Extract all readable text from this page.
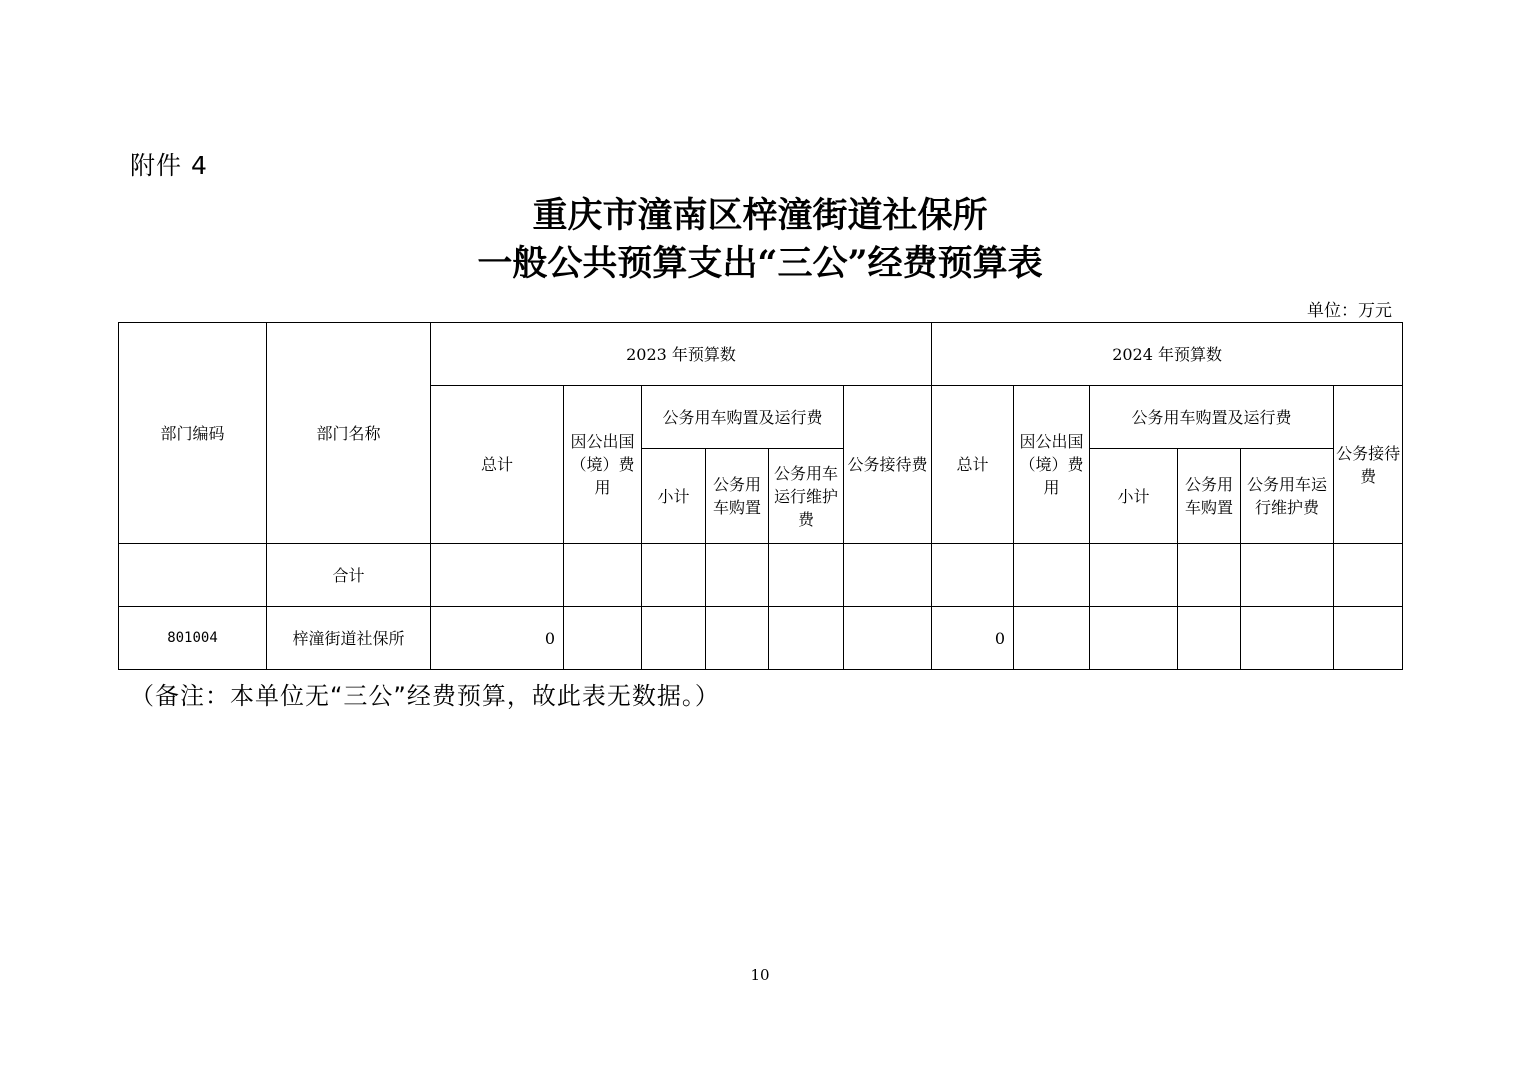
附件 4
重庆市潼南区梓潼街道社保所
一般公共预算支出“三公”经费预算表
单位：万元
部门编码	部门名称	2023 年预算数						2024 年预算数					
		总计	因公出国（境）费用	公务用车购置及运行费			公务接待费	总计	因公出国（境）费用	公务用车购置及运行费			公务接待费
				小计	公务用车购置	公务用车运行维护费				小计	公务用车购置	公务用车运行维护费	
	合计												
801004	梓潼街道社保所	0						0					
（备注：本单位无“三公”经费预算，故此表无数据。）
10
